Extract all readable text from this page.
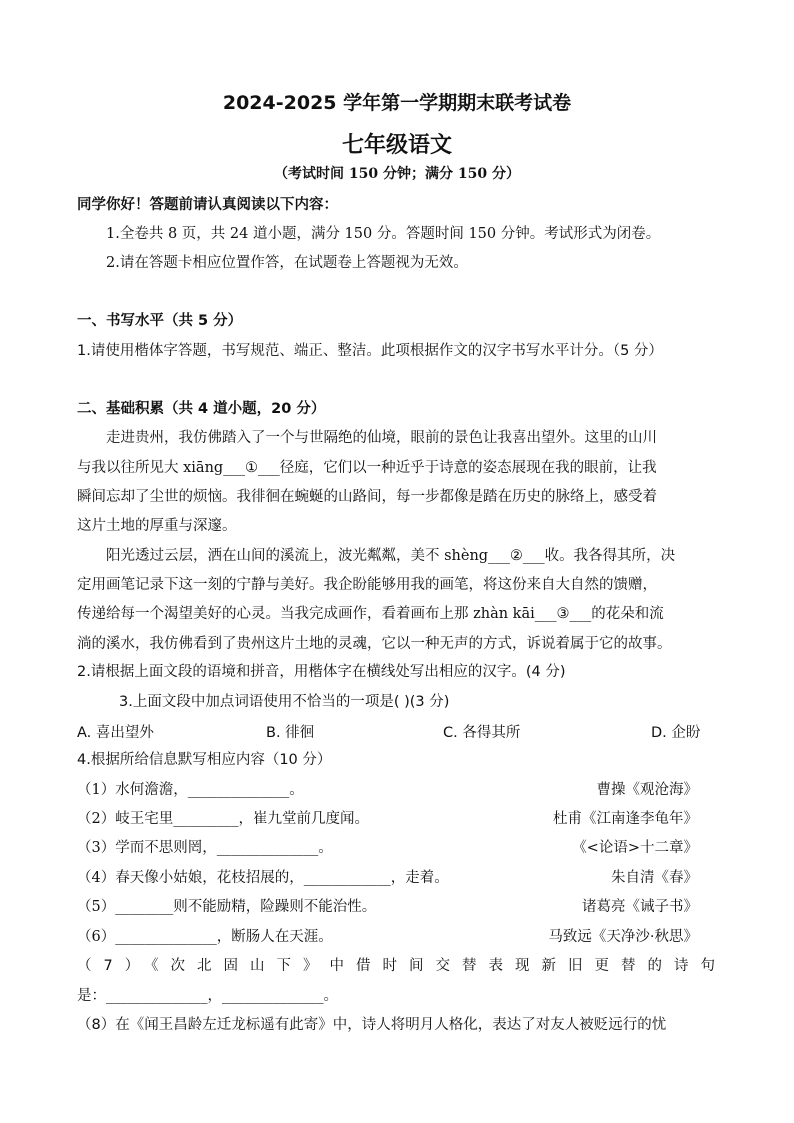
2024-2025 学年第一学期期末联考试卷
七年级语文
（考试时间 150 分钟；满分 150 分）
同学你好！答题前请认真阅读以下内容：
1.全卷共 8 页，共 24 道小题，满分 150 分。答题时间 150 分钟。考试形式为闭卷。
2.请在答题卡相应位置作答，在试题卷上答题视为无效。
一、书写水平（共 5 分）
1.请使用楷体字答题，书写规范、端正、整洁。此项根据作文的汉字书写水平计分。（5 分）
二、基础积累（共 4 道小题，20 分）
走进贵州，我仿佛踏入了一个与世隔绝的仙境，眼前的景色让我喜出望外。这里的山川
与我以往所见大 xiāng___①___径庭，它们以一种近乎于诗意的姿态展现在我的眼前，让我
瞬间忘却了尘世的烦恼。我徘徊在蜿蜒的山路间，每一步都像是踏在历史的脉络上，感受着
这片土地的厚重与深邃。
阳光透过云层，洒在山间的溪流上，波光粼粼，美不 shèng___②___收。我各得其所，决
定用画笔记录下这一刻的宁静与美好。我企盼能够用我的画笔，将这份来自大自然的馈赠，
传递给每一个渴望美好的心灵。当我完成画作，看着画布上那 zhàn kāi___③___的花朵和流
淌的溪水，我仿佛看到了贵州这片土地的灵魂，它以一种无声的方式，诉说着属于它的故事。
2.请根据上面文段的语境和拼音，用楷体字在横线处写出相应的汉字。(4 分)
3.上面文段中加点词语使用不恰当的一项是( )(3 分)
A. 喜出望外	B. 徘徊	C. 各得其所	D. 企盼
4.根据所给信息默写相应内容（10 分）
（1）水何澹澹，______________。	曹操《观沧海》
（2）岐王宅里_________，崔九堂前几度闻。	杜甫《江南逢李龟年》
（3）学而不思则罔，______________。	《<论语>十二章》
（4）春天像小姑娘，花枝招展的，____________，走着。	朱自清《春》
（5）________则不能励精，险躁则不能治性。	诸葛亮《诫子书》
（6）______________，断肠人在天涯。	马致远《天净沙·秋思》
（7）《次北固山下》中借时间交替表现新旧更替的诗句
是：______________，______________。
（8）在《闻王昌龄左迁龙标遥有此寄》中，诗人将明月人格化，表达了对友人被贬远行的忧
